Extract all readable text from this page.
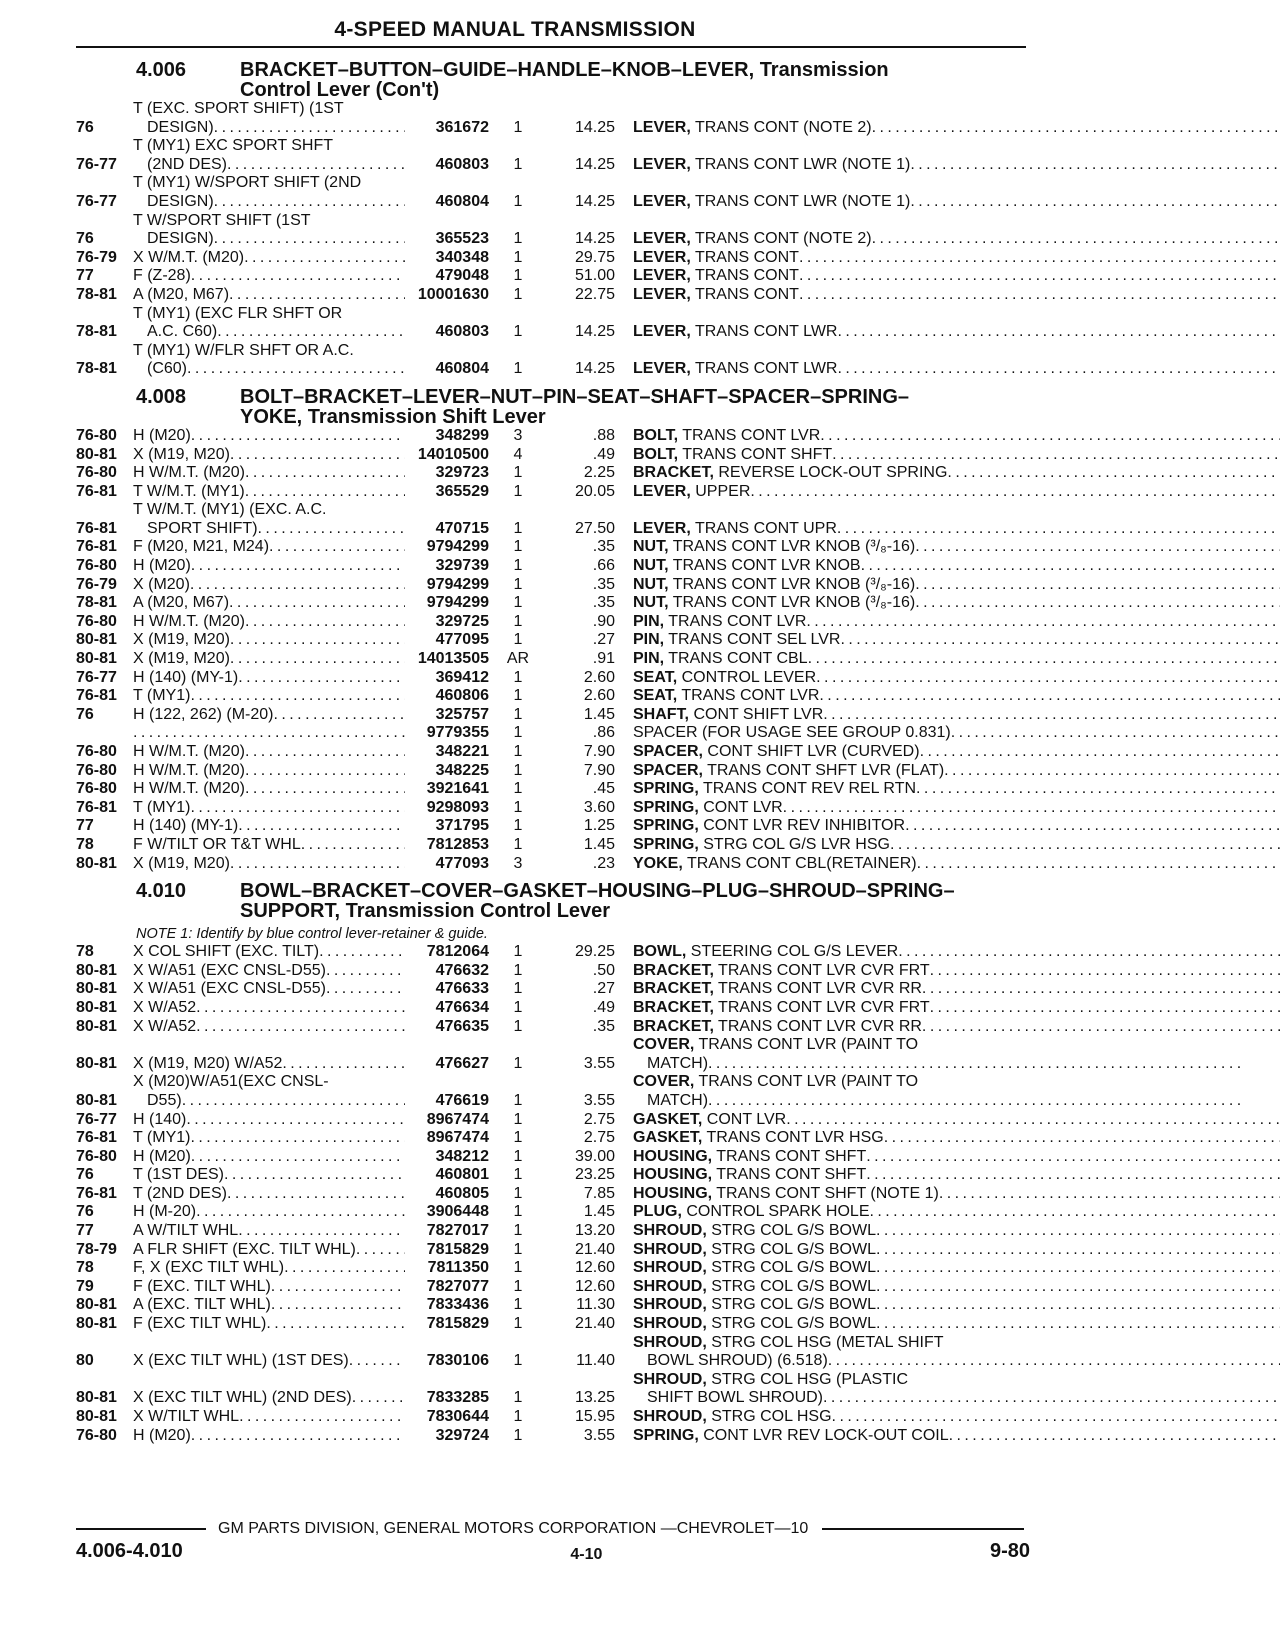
4-SPEED MANUAL TRANSMISSION
4.006	BRACKET–BUTTON–GUIDE–HANDLE–KNOB–LEVER, Transmission
Control Lever (Con't)
76
T (EXC. SPORT SHIFT) (1ST
DESIGN) . . .	361672	1	14.25 LEVER, TRANS CONT (NOTE 2)
. . .
76-77
T (MY1) EXC SPORT SHFT
(2ND DES) . . .	460803	1	14.25 LEVER, TRANS CONT LWR (NOTE 1)
. . .
76-77
T (MY1) W/SPORT SHIFT (2ND
DESIGN) . . .	460804	1	14.25 LEVER, TRANS CONT LWR (NOTE 1)
. . .
76
T W/SPORT SHIFT (1ST
DESIGN) . . .	365523	1	14.25 LEVER, TRANS CONT (NOTE 2)
. . .
76-79	X W/M.T. (M20) . . .	340348	1	29.75 LEVER, TRANS CONT
. . .
77	F (Z-28) . . .	479048	1	51.00 LEVER, TRANS CONT
. . .
78-81	A (M20, M67) . . .	10001630	1	22.75 LEVER, TRANS CONT
. . .
78-81
T (MY1) (EXC FLR SHFT OR
A.C. C60) . . .	460803	1	14.25 LEVER, TRANS CONT LWR
. . .
78-81
T (MY1) W/FLR SHFT OR A.C.
(C60) . . .	460804	1	14.25 LEVER, TRANS CONT LWR
. . .
4.008	BOLT–BRACKET–LEVER–NUT–PIN–SEAT–SHAFT–SPACER–SPRING–
YOKE, Transmission Shift Lever
76-80	H (M20) . . .	348299	3	.88 BOLT, TRANS CONT LVR
. . .
80-81	X (M19, M20) . . .	14010500	4	.49 BOLT, TRANS CONT SHFT
. . .
76-80	H W/M.T. (M20) . . .	329723	1	2.25 BRACKET, REVERSE LOCK-OUT SPRING
. . .
76-81	T W/M.T. (MY1) . . .	365529	1	20.05 LEVER, UPPER
. . .
76-81
T W/M.T. (MY1) (EXC. A.C.
SPORT SHIFT) . . .	470715	1	27.50 LEVER, TRANS CONT UPR
. . .
76-81	F (M20, M21, M24) . . .	9794299	1	.35 NUT, TRANS CONT LVR KNOB (³/₈-16)
. . .
76-80	H (M20) . . .	329739	1	.66 NUT, TRANS CONT LVR KNOB
. . .
76-79	X (M20) . . .	9794299	1	.35 NUT, TRANS CONT LVR KNOB (³/₈-16)
. . .
78-81	A (M20, M67) . . .	9794299	1	.35 NUT, TRANS CONT LVR KNOB (³/₈-16)
. . .
76-80	H W/M.T. (M20) . . .	329725	1	.90 PIN, TRANS CONT LVR
. . .
80-81	X (M19, M20) . . .	477095	1	.27 PIN, TRANS CONT SEL LVR
. . .
80-81	X (M19, M20) . . .	14013505	AR	.91 PIN, TRANS CONT CBL
. . .
76-77	H (140) (MY-1) . . .	369412	1	2.60 SEAT, CONTROL LEVER
. . .
76-81	T (MY1) . . .	460806	1	2.60 SEAT, TRANS CONT LVR
. . .
76	H (122, 262) (M-20) . . .	325757	1	1.45 SHAFT, CONT SHIFT LVR
. . .
. . .
9779355	1	.86 SPACER (FOR USAGE SEE GROUP 0.831)
. . .
76-80	H W/M.T. (M20) . . .	348221	1	7.90 SPACER, CONT SHIFT LVR (CURVED)
. . .
76-80	H W/M.T. (M20) . . .	348225	1	7.90 SPACER, TRANS CONT SHFT LVR (FLAT)
. . .
76-80	H W/M.T. (M20) . . .	3921641	1	.45 SPRING, TRANS CONT REV REL RTN
. . .
76-81	T (MY1) . . .	9298093	1	3.60 SPRING, CONT LVR
. . .
77	H (140) (MY-1) . . .	371795	1	1.25 SPRING, CONT LVR REV INHIBITOR
. . .
78	F W/TILT OR T&T WHL . . .	7812853	1	1.45 SPRING, STRG COL G/S LVR HSG
. . .
80-81	X (M19, M20) . . .	477093	3	.23 YOKE, TRANS CONT CBL(RETAINER)
. . .
4.010	BOWL–BRACKET–COVER–GASKET–HOUSING–PLUG–SHROUD–SPRING–
SUPPORT, Transmission Control Lever
NOTE 1: Identify by blue control lever-retainer & guide.
78	X COL SHIFT (EXC. TILT) . . .	7812064	1	29.25 BOWL, STEERING COL G/S LEVER
. . .
80-81	X W/A51 (EXC CNSL-D55) . . .	476632	1	.50 BRACKET, TRANS CONT LVR CVR FRT
. . .
80-81	X W/A51 (EXC CNSL-D55) . . .	476633	1	.27 BRACKET, TRANS CONT LVR CVR RR
. . .
80-81	X W/A52 . . .	476634	1	.49 BRACKET, TRANS CONT LVR CVR FRT
. . .
80-81	X W/A52 . . .	476635	1	.35 BRACKET, TRANS CONT LVR CVR RR
. . .
80-81	X (M19, M20) W/A52 . . .	476627	1	3.55
COVER, TRANS CONT LVR (PAINT TO
MATCH)
. . .
80-81
X (M20)W/A51(EXC CNSL-
D55) . . .	476619	1	3.55
COVER, TRANS CONT LVR (PAINT TO
MATCH)
. . .
76-77	H (140) . . .	8967474	1	2.75 GASKET, CONT LVR
. . .
76-81	T (MY1) . . .	8967474	1	2.75 GASKET, TRANS CONT LVR HSG
. . .
76-80	H (M20) . . .	348212	1	39.00 HOUSING, TRANS CONT SHFT
. . .
76	T (1ST DES) . . .	460801	1	23.25 HOUSING, TRANS CONT SHFT
. . .
76-81	T (2ND DES) . . .	460805	1	7.85 HOUSING, TRANS CONT SHFT (NOTE 1)
. . .
76	H (M-20) . . .	3906448	1	1.45 PLUG, CONTROL SPARK HOLE
. . .
77	A W/TILT WHL . . .	7827017	1	13.20 SHROUD, STRG COL G/S BOWL
. . .
78-79	A FLR SHIFT (EXC. TILT WHL) . . .	7815829	1	21.40 SHROUD, STRG COL G/S BOWL
. . .
78	F, X (EXC TILT WHL) . . .	7811350	1	12.60 SHROUD, STRG COL G/S BOWL
. . .
79	F (EXC. TILT WHL) . . .	7827077	1	12.60 SHROUD, STRG COL G/S BOWL
. . .
80-81	A (EXC. TILT WHL) . . .	7833436	1	11.30 SHROUD, STRG COL G/S BOWL
. . .
80-81	F (EXC TILT WHL) . . .	7815829	1	21.40 SHROUD, STRG COL G/S BOWL
. . .
80	X (EXC TILT WHL) (1ST DES) . . .	7830106	1	11.40
SHROUD, STRG COL HSG (METAL SHIFT
BOWL SHROUD) (6.518)
. . .
80-81	X (EXC TILT WHL) (2ND DES) . . .	7833285	1	13.25
SHROUD, STRG COL HSG (PLASTIC
SHIFT BOWL SHROUD)
. . .
80-81	X W/TILT WHL . . .	7830644	1	15.95 SHROUD, STRG COL HSG
. . .
76-80	H (M20) . . .	329724	1	3.55 SPRING, CONT LVR REV LOCK-OUT COIL
. . .
GM PARTS DIVISION, GENERAL MOTORS CORPORATION —CHEVROLET—10
4.006-4.010	4-10	9-80
